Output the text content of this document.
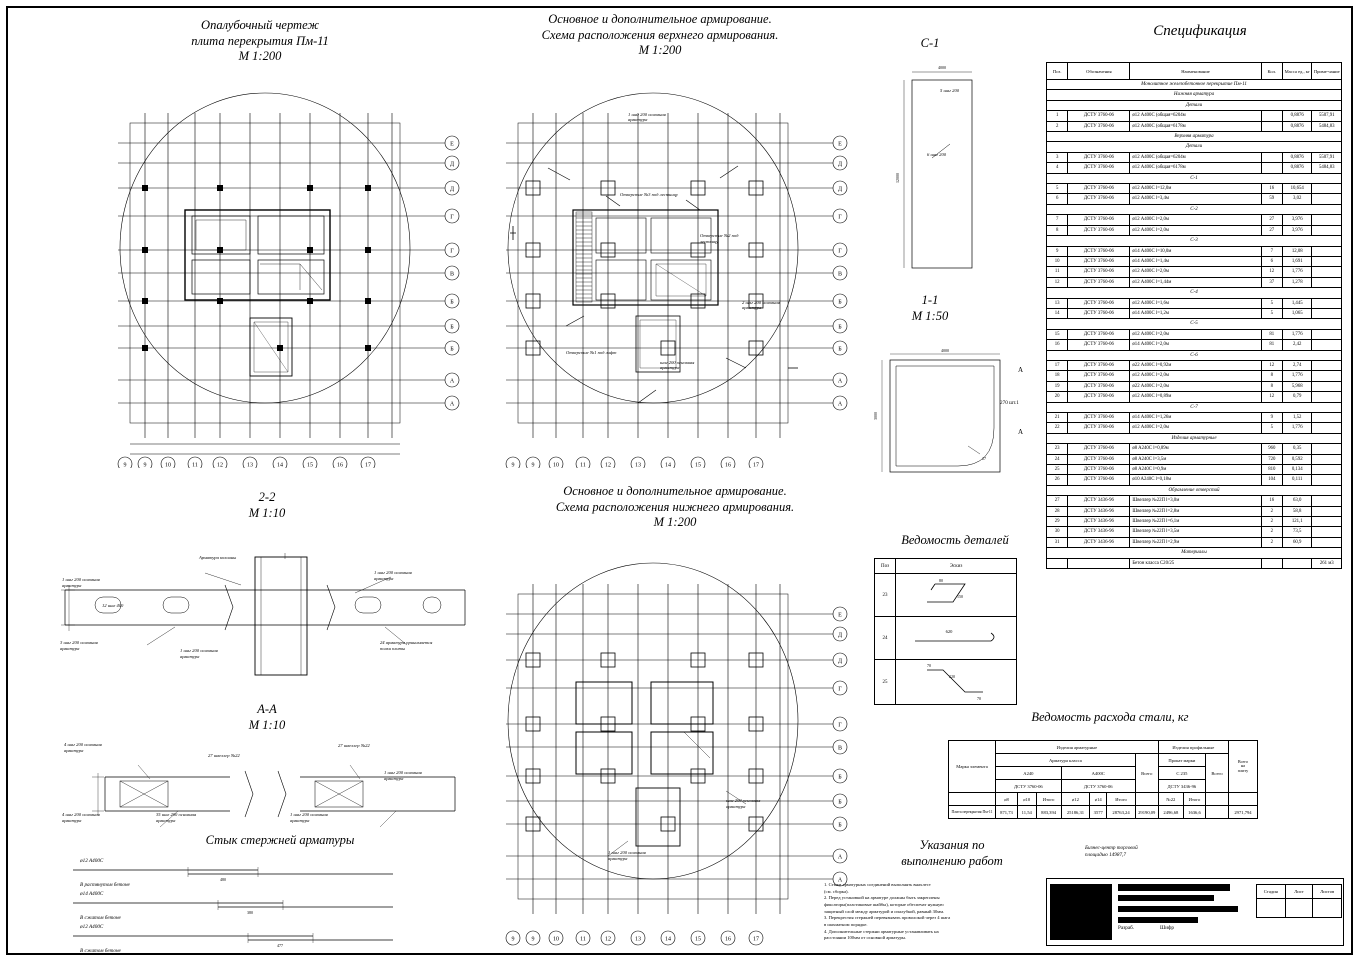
Опалубочный чертеж
плита перекрытия Пм-11
М 1:200
Е
Д
Д
Г
Г
В
Б
Б
Б
А
А
9	9	10	11	12	13	14	15	16	17
Основное и дополнительное армирование.
Схема расположения верхнего армирования.
М 1:200
Е
Д
Д
Г
Г
В
Б
Б
Б
А
А
9	9	10	11	12	13	14	15	16	17
Отверстие №3 под лестницу
Отверстие №2 под лестницу
Отверстие №1 под лифт
1 шаг 200 основная арматура
2 шаг 200 основная арматура
шаг 200 основная арматура
С-1
4000
12000
5 шаг 200
6 шаг 200
1-1
М 1:50
4000
3000
27
270 шт.1
А
А
2-2
М 1:10
1 шаг 200 основная арматура
12 шаг 400
Арматура колонны
1 шаг 200 основная арматура
3 шаг 200 основная арматура
24 арматура принимается полки плиты
1 шаг 200 основная арматура
А-А
М 1:10
4 шаг 200 основная арматура
27 швеллер №22
27 швеллер №22
1 шаг 200 основная арматура
4 шаг 200 основная арматура
35 шаг 200 основная арматура
1 шаг 200 основная арматура
Стык стержней арматуры
ø12 A400С
480
В растянутом бетоне
ø14 A400С
380
В сжатом бетоне
ø12 A400С
477
В сжатом бетоне
Основное и дополнительное армирование.
Схема расположения нижнего армирования.
М 1:200
Е
Д
Д
Г
Г
В
Б
Б
Б
А
А
9	9	10	11	12	13	14	15	16	17
1 шаг 200 основная арматура
шаг 200 основная арматура
Ведомость деталей
Поз	Эскиз
23	80
150

24	620

25	70
220
70
Ведомость расхода стали, кг
Марка элемента	Изделия арматурные							Изделия профильные			Всего
на
плиту
	Арматура класса						Всего	Прокат марки		Всего	
	A240			A400С				С 235			
	ДСТУ 3760-06			ДСТУ 3760-06				ДСТУ 3436-96			
	ø8	ø10	Итого	ø12	ø14	Итого		№22	Итого		
Плита перекрытия Пм-11	871,73	11,54	883,394	25186,31	3577	28763,24	29190,09	2496,68	1636,6		2971,794
Указания по
выполнению работ
1. Стыки арматурных соединений выполнять внахлест
(см. сборка).
2. Перед установкой на арматуре должны быть закреплены
фиксаторы(пластиковые шайбы), которые обеспечат нужную
защитный слой между арматурой и опалубкой, равный 30мм.
3. Перекрестия стержней перевязывать проволокой через 4 шага
в шахматном порядке.
4. Дополнительные стержни арматурные устанавливать на
расстоянии 100мм от основной арматуры.
Спецификация
Поз.	Обозначения	Наименование	Кол.	Масса ед., кг	Приме-чание
Монолитное железобетонное перекрытие Пм-11					
Нижняя арматура					
Детали					
1	ДСТУ 3760-06	ø12 А400С (общая=6204м		0,8876	5507,91
2	ДСТУ 3760-06	ø12 А400С (общая=6178м		0,8876	5484,83
Верхняя арматура					
Детали					
3	ДСТУ 3760-06	ø12 А400С (общая=6204м		0,8876	5507,91
4	ДСТУ 3760-06	ø12 А400С (общая=6178м		0,8876	5484,83
С-1					
5	ДСТУ 3760-06	ø12 А400С l=12,0м	16	10,654	
6	ДСТУ 3760-06	ø12 А400С l=3,4м	59	3,02	
С-2					
7	ДСТУ 3760-06	ø12 А400С l=2,0м	27	3,976	
8	ДСТУ 3760-06	ø12 А400С l=2,0м	27	3,976	
С-3					
9	ДСТУ 3760-06	ø14 А400С l=10,0м	7	12,08	
10	ДСТУ 3760-06	ø14 А400С l=1,4м	6	1,691	
11	ДСТУ 3760-06	ø12 А400С l=2,0м	12	1,776	
12	ДСТУ 3760-06	ø12 А400С l=1,44м	37	1,278	
С-4					
13	ДСТУ 3760-06	ø12 А400С l=1,6м	5	1,445	
14	ДСТУ 3760-06	ø14 А400С l=1,2м	5	1,065	
С-5					
15	ДСТУ 3760-06	ø12 А400С l=2,0м	81	1,776	
16	ДСТУ 3760-06	ø14 А400С l=2,0м	81	2,42	
С-6					
17	ДСТУ 3760-06	ø22 А400С l=0,92м	12	2,74	
18	ДСТУ 3760-06	ø12 А400С l=2,0м	8	1,776	
19	ДСТУ 3760-06	ø22 А400С l=2,0м	8	5,968	
20	ДСТУ 3760-06	ø12 А400С l=0,89м	12	0,79	
С-7					
21	ДСТУ 3760-06	ø14 А400С l=1,26м	9	1,52	
22	ДСТУ 3760-06	ø12 А400С l=2,0м	5	1,776	
Изделия арматурные					
23	ДСТУ 3760-06	ø8 A240С l=0,89м	960	0,35	
24	ДСТУ 3760-06	ø8 A240С l=3,5м	720	0,592	
25	ДСТУ 3760-06	ø8 A240С l=0,9м	810	0,134	
26	ДСТУ 3760-06	ø10 A240С l=0,18м	104	0,111	
Обрамление отверстий					
27	ДСТУ 3436-96	Швеллер №22П l=3,0м	16	63,0	
28	ДСТУ 3436-96	Швеллер №22П l=2,8м	2	58,8	
29	ДСТУ 3436-96	Швеллер №22П l=6,1м	2	121,1	
30	ДСТУ 3436-96	Швеллер №22П l=3,5м	2	73,5	
31	ДСТУ 3436-96	Швеллер №22П l=2,9м	2	60,9	
Материалы					
		Бетон класса С20/25			261 м3

Бизнес-центр торговой
площадью 14987,7
Стадия	Лист	Листов

Разраб.	Шифр
